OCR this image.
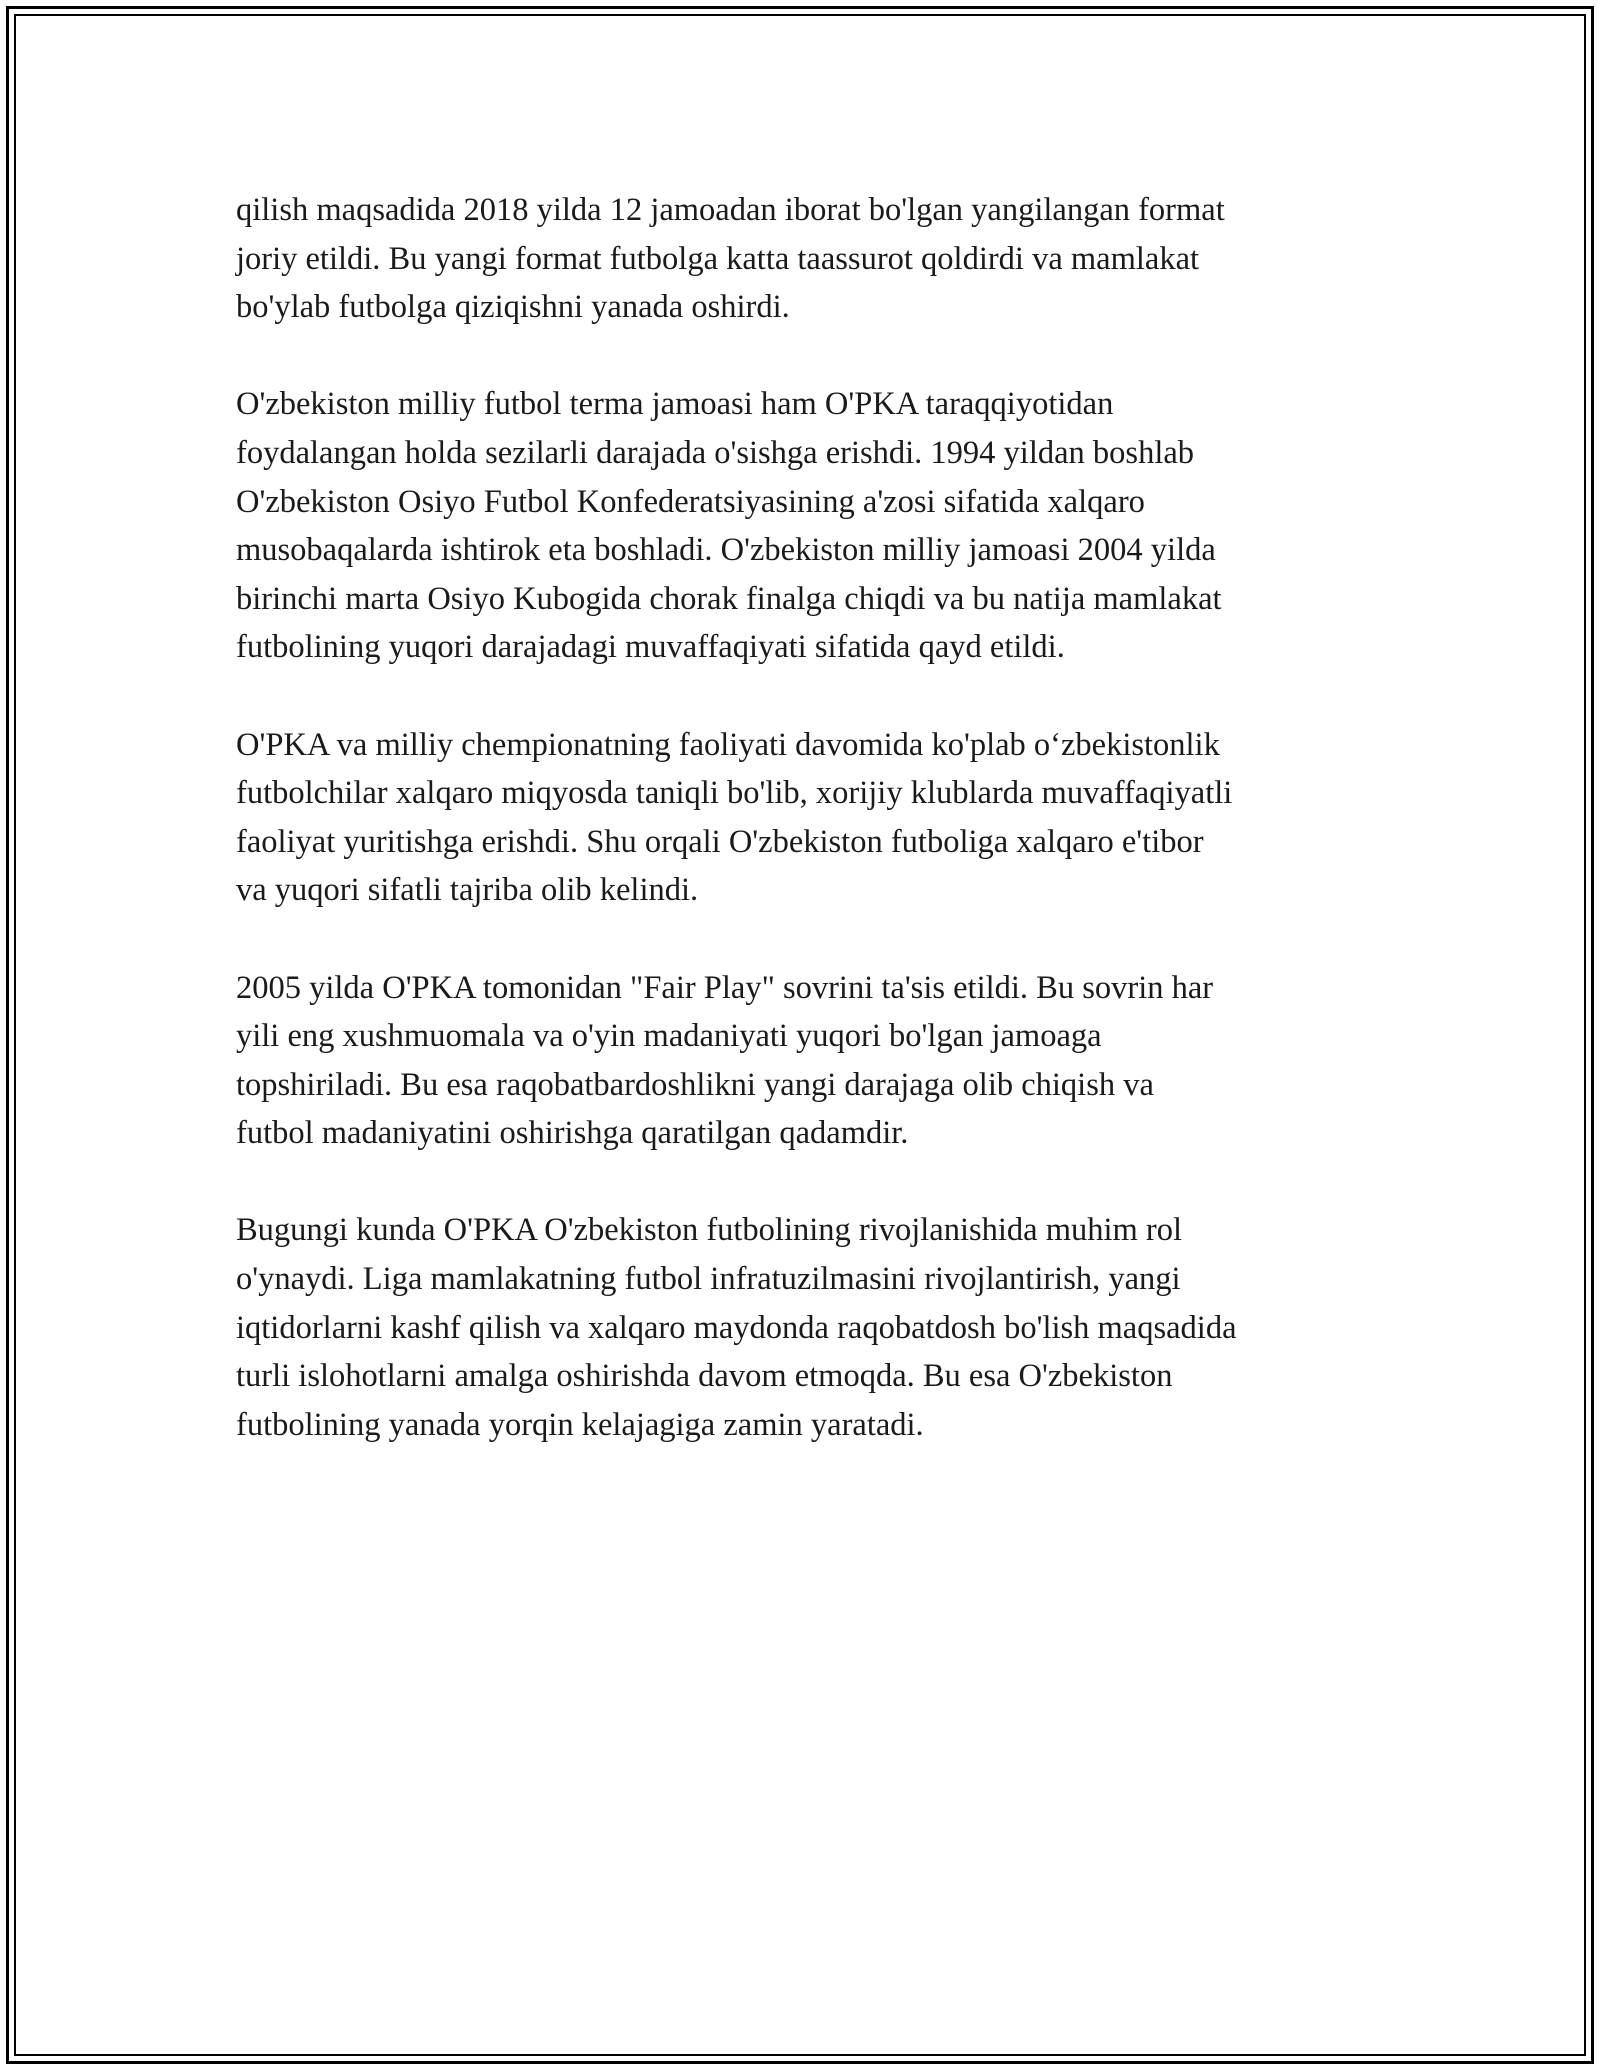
qilish maqsadida 2018 yilda 12 jamoadan iborat bo'lgan yangilangan format
joriy etildi. Bu yangi format futbolga katta taassurot qoldirdi va mamlakat
bo'ylab futbolga qiziqishni yanada oshirdi.

O'zbekiston milliy futbol terma jamoasi ham O'PKA taraqqiyotidan
foydalangan holda sezilarli darajada o'sishga erishdi. 1994 yildan boshlab
O'zbekiston Osiyo Futbol Konfederatsiyasining a'zosi sifatida xalqaro
musobaqalarda ishtirok eta boshladi. O'zbekiston milliy jamoasi 2004 yilda
birinchi marta Osiyo Kubogida chorak finalga chiqdi va bu natija mamlakat
futbolining yuqori darajadagi muvaffaqiyati sifatida qayd etildi.

O'PKA va milliy chempionatning faoliyati davomida ko'plab o‘zbekistonlik
futbolchilar xalqaro miqyosda taniqli bo'lib, xorijiy klublarda muvaffaqiyatli
faoliyat yuritishga erishdi. Shu orqali O'zbekiston futboliga xalqaro e'tibor
va yuqori sifatli tajriba olib kelindi.

2005 yilda O'PKA tomonidan "Fair Play" sovrini ta'sis etildi. Bu sovrin har
yili eng xushmuomala va o'yin madaniyati yuqori bo'lgan jamoaga
topshiriladi. Bu esa raqobatbardoshlikni yangi darajaga olib chiqish va
futbol madaniyatini oshirishga qaratilgan qadamdir.

Bugungi kunda O'PKA O'zbekiston futbolining rivojlanishida muhim rol
o'ynaydi. Liga mamlakatning futbol infratuzilmasini rivojlantirish, yangi
iqtidorlarni kashf qilish va xalqaro maydonda raqobatdosh bo'lish maqsadida
turli islohotlarni amalga oshirishda davom etmoqda. Bu esa O'zbekiston
futbolining yanada yorqin kelajagiga zamin yaratadi.
